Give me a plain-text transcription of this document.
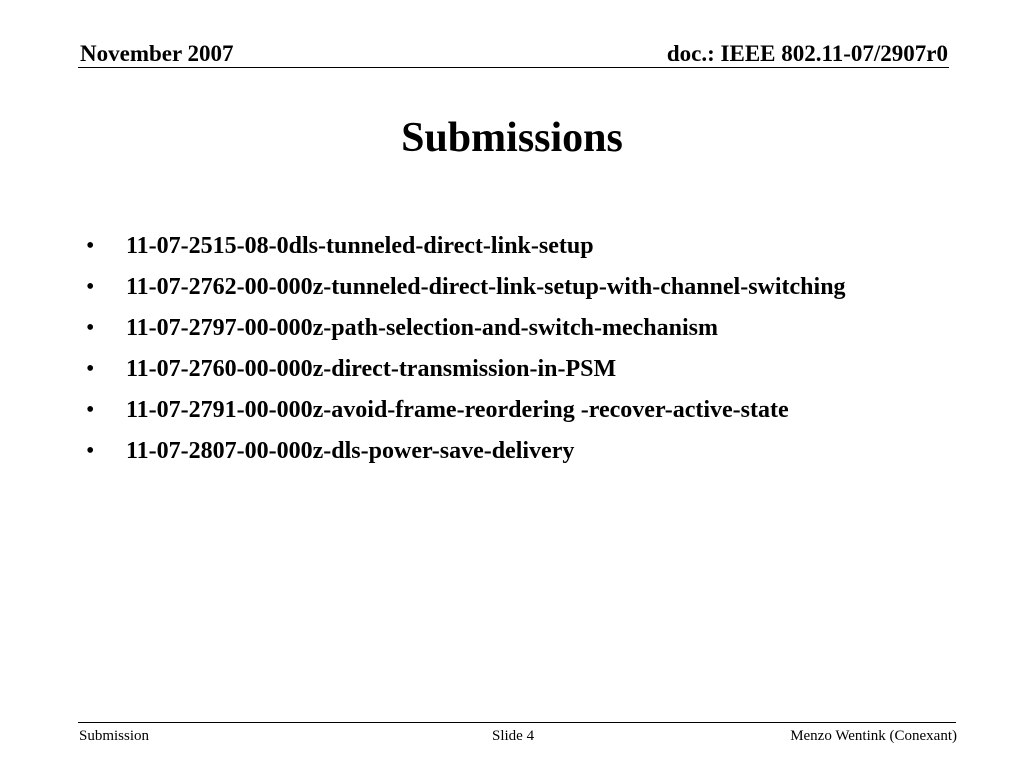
November 2007	doc.: IEEE 802.11-07/2907r0
Submissions
• 11-07-2515-08-0dls-tunneled-direct-link-setup
• 11-07-2762-00-000z-tunneled-direct-link-setup-with-channel-switching
• 11-07-2797-00-000z-path-selection-and-switch-mechanism
• 11-07-2760-00-000z-direct-transmission-in-PSM
• 11-07-2791-00-000z-avoid-frame-reordering -recover-active-state
• 11-07-2807-00-000z-dls-power-save-delivery
Submission	Slide 4	Menzo Wentink (Conexant)
